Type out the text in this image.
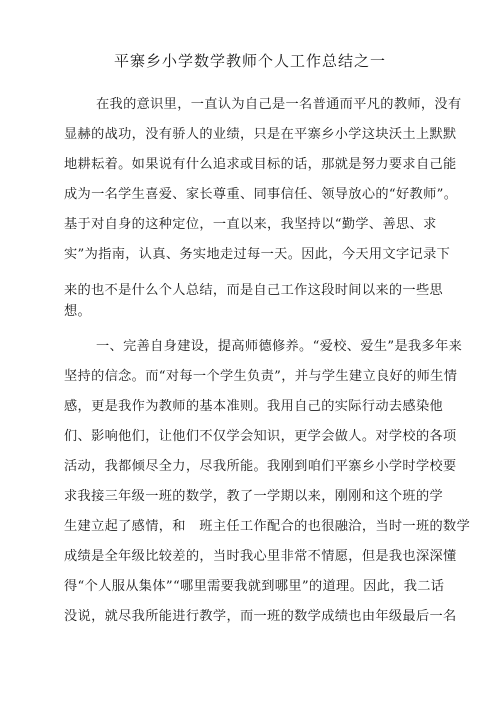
平寨乡小学数学教师个人工作总结之一
在我的意识里，一直认为自己是一名普通而平凡的教师，没有
显赫的战功，没有骄人的业绩，只是在平寨乡小学这块沃土上默默
地耕耘着。如果说有什么追求或目标的话，那就是努力要求自己能
成为一名学生喜爱、家长尊重、同事信任、领导放心的“好教师”。
基于对自身的这种定位，一直以来，我坚持以“勤学、善思、求
实”为指南，认真、务实地走过每一天。因此，今天用文字记录下
来的也不是什么个人总结，而是自己工作这段时间以来的一些思
想。
一、完善自身建设，提高师德修养。“爱校、爱生”是我多年来
坚持的信念。而“对每一个学生负责”，并与学生建立良好的师生情
感，更是我作为教师的基本准则。我用自己的实际行动去感染他
们、影响他们，让他们不仅学会知识，更学会做人。对学校的各项
活动，我都倾尽全力，尽我所能。我刚到咱们平寨乡小学时学校要
求我接三年级一班的数学，教了一学期以来，刚刚和这个班的学
生建立起了感情，和　班主任工作配合的也很融洽，当时一班的数学
成绩是全年级比较差的，当时我心里非常不情愿，但是我也深深懂
得“个人服从集体”“哪里需要我就到哪里”的道理。因此，我二话
没说，就尽我所能进行教学，而一班的数学成绩也由年级最后一名
